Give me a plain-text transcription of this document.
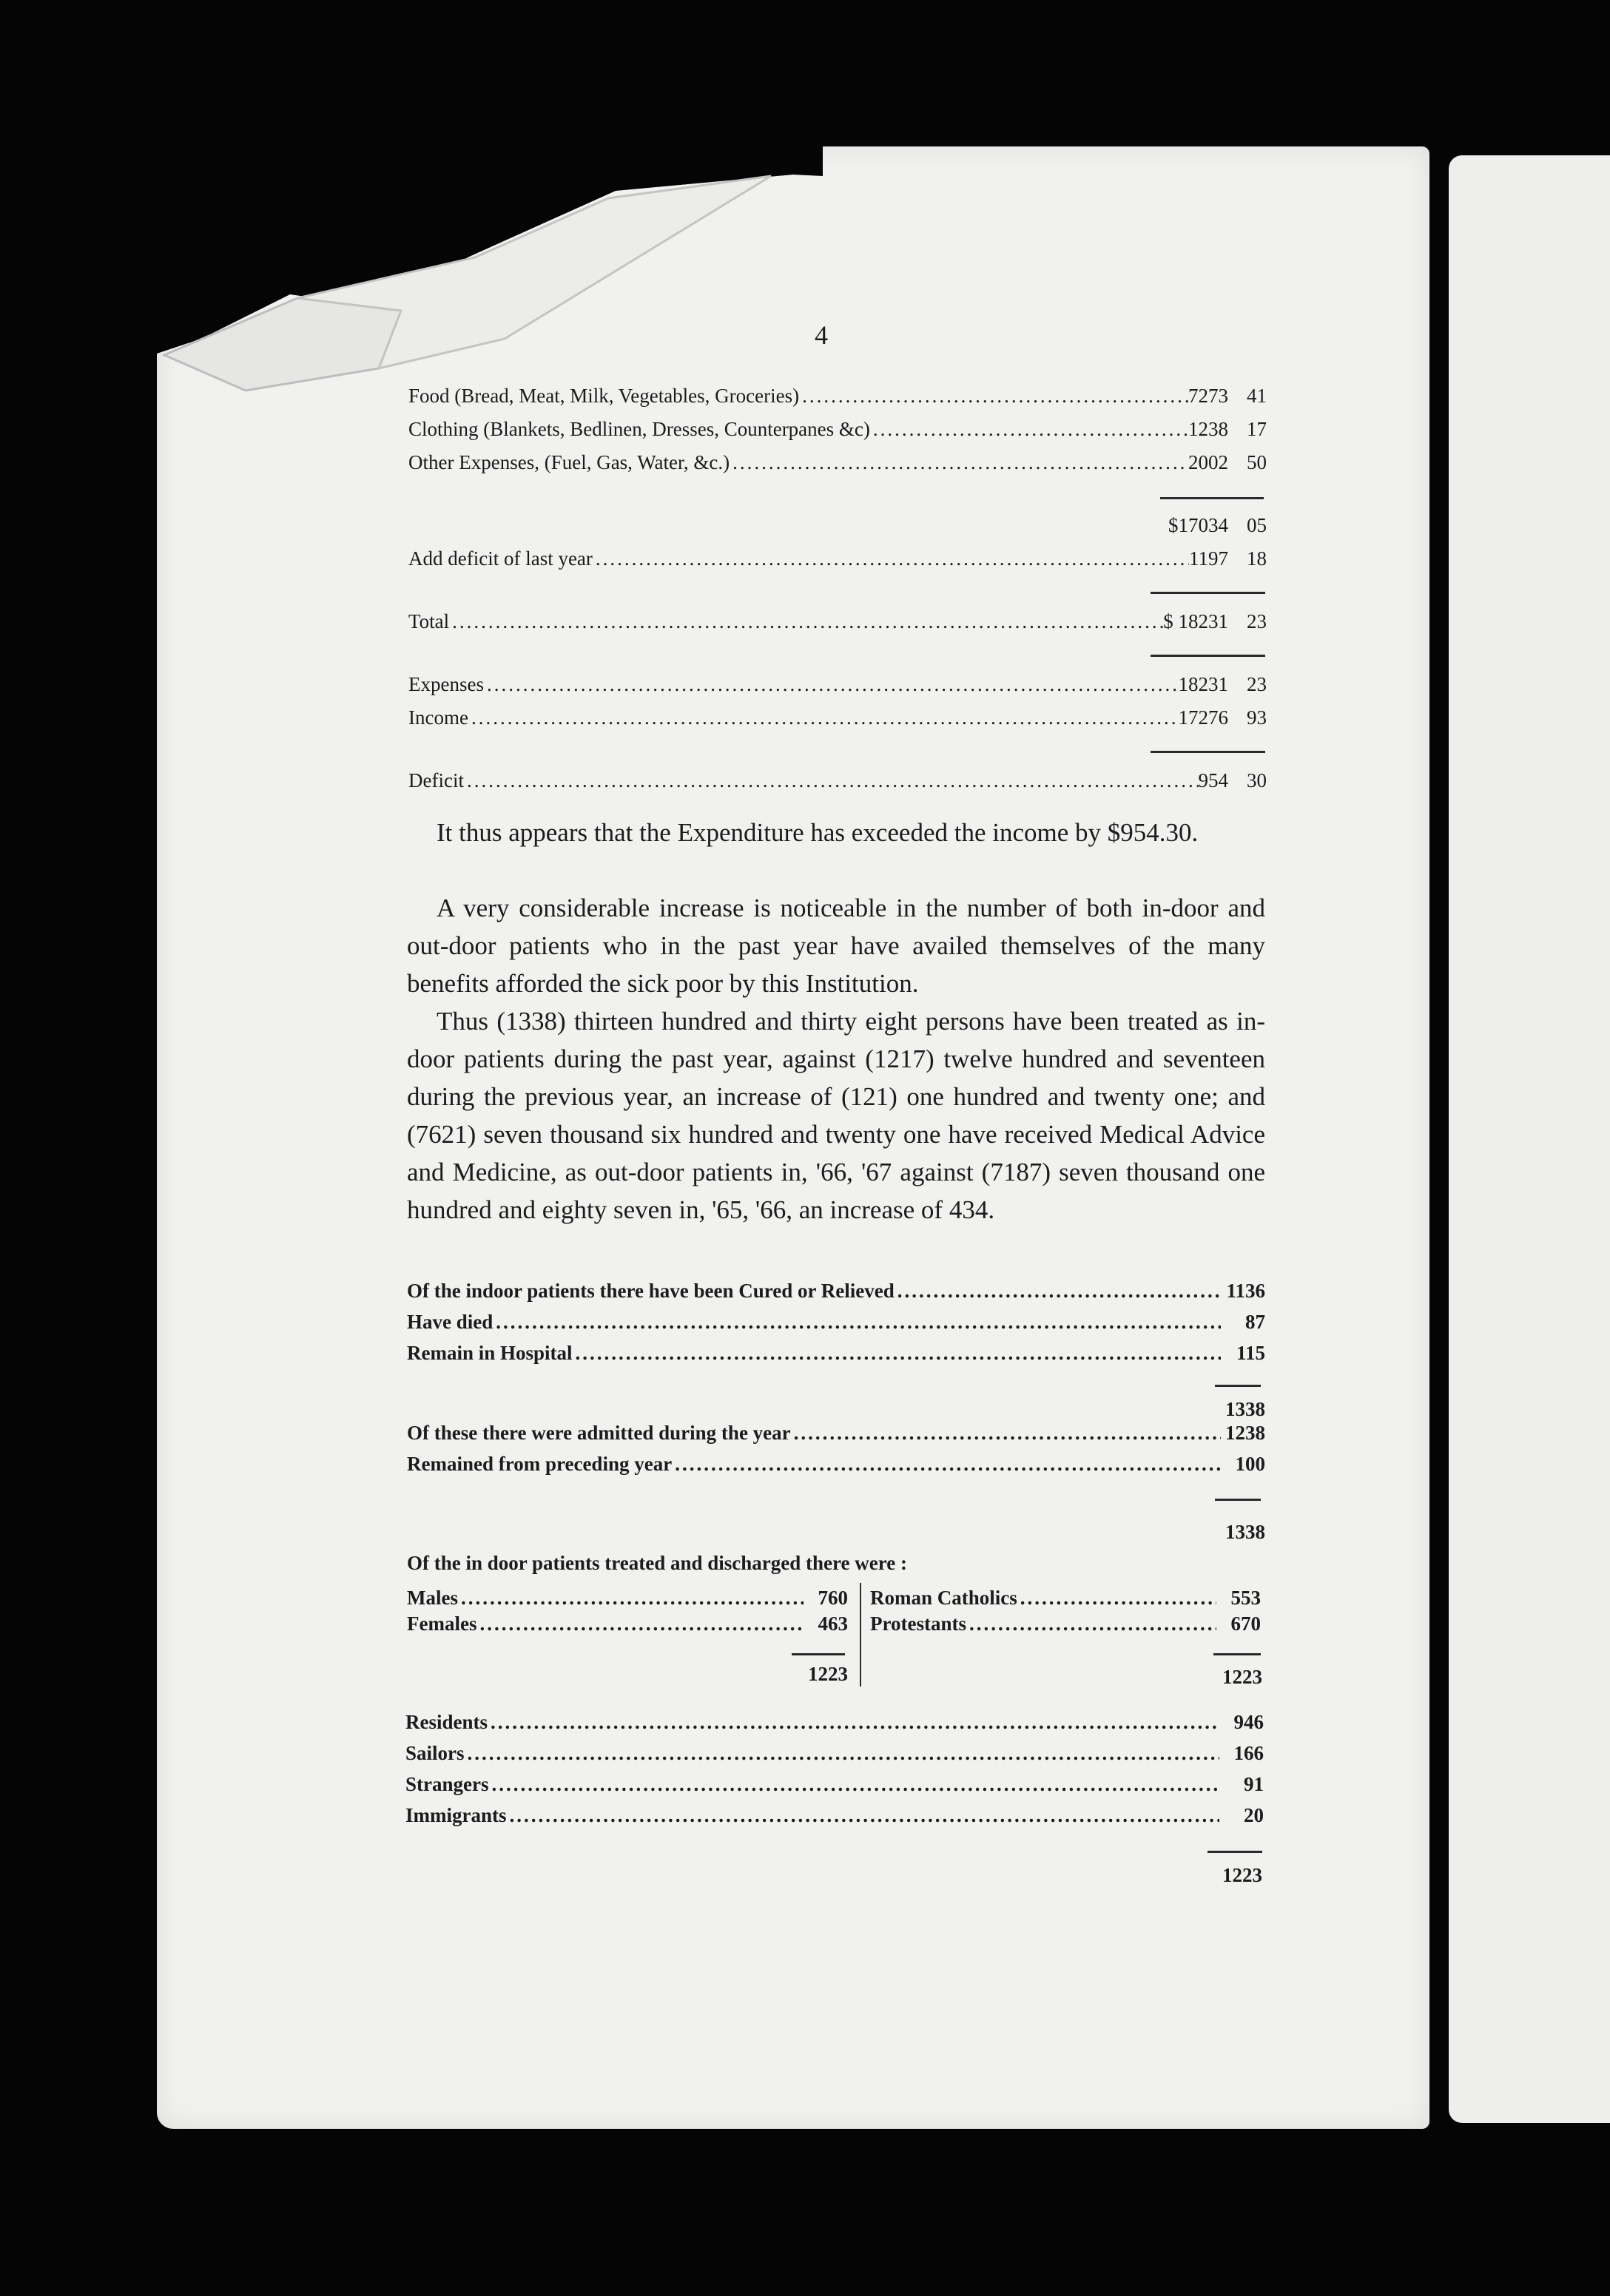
4
Food (Bread, Meat, Milk, Vegetables, Groceries) .....	7273 41
Clothing (Blankets, Bedlinen, Dresses, Counterpanes &c) .....	1238 17
Other Expenses, (Fuel, Gas, Water, &c.) .....	2002 50
$17034 05
Add deficit of last year .....	1197 18
Total .....	$ 18231 23
Expenses .....	18231 23
Income .....	17276 93
Deficit .....	954 30
It thus appears that the Expenditure has exceeded the income by $954.30.
A very considerable increase is noticeable in the number of both in-door and out-door patients who in the past year have availed themselves of the many benefits afforded the sick poor by this Institution.
Thus (1338) thirteen hundred and thirty eight persons have been treated as in-door patients during the past year, against (1217) twelve hundred and seventeen during the previous year, an increase of (121) one hundred and twenty one; and (7621) seven thousand six hundred and twenty one have received Medical Advice and Medicine, as out-door patients in, '66, '67 against (7187) seven thousand one hundred and eighty seven in, '65, '66, an increase of 434.
Of the indoor patients there have been Cured or Relieved .....	1136
Have died .....	87
Remain in Hospital .....	115
1338
Of these there were admitted during the year .....	1238
Remained from preceding year .....	100
1338
Of the in door patients treated and discharged there were :
Males .....	760
Females .....	463
1223
Roman Catholics .....	553
Protestants .....	670
1223
Residents .....	946
Sailors .....	166
Strangers .....	91
Immigrants .....	20
1223
